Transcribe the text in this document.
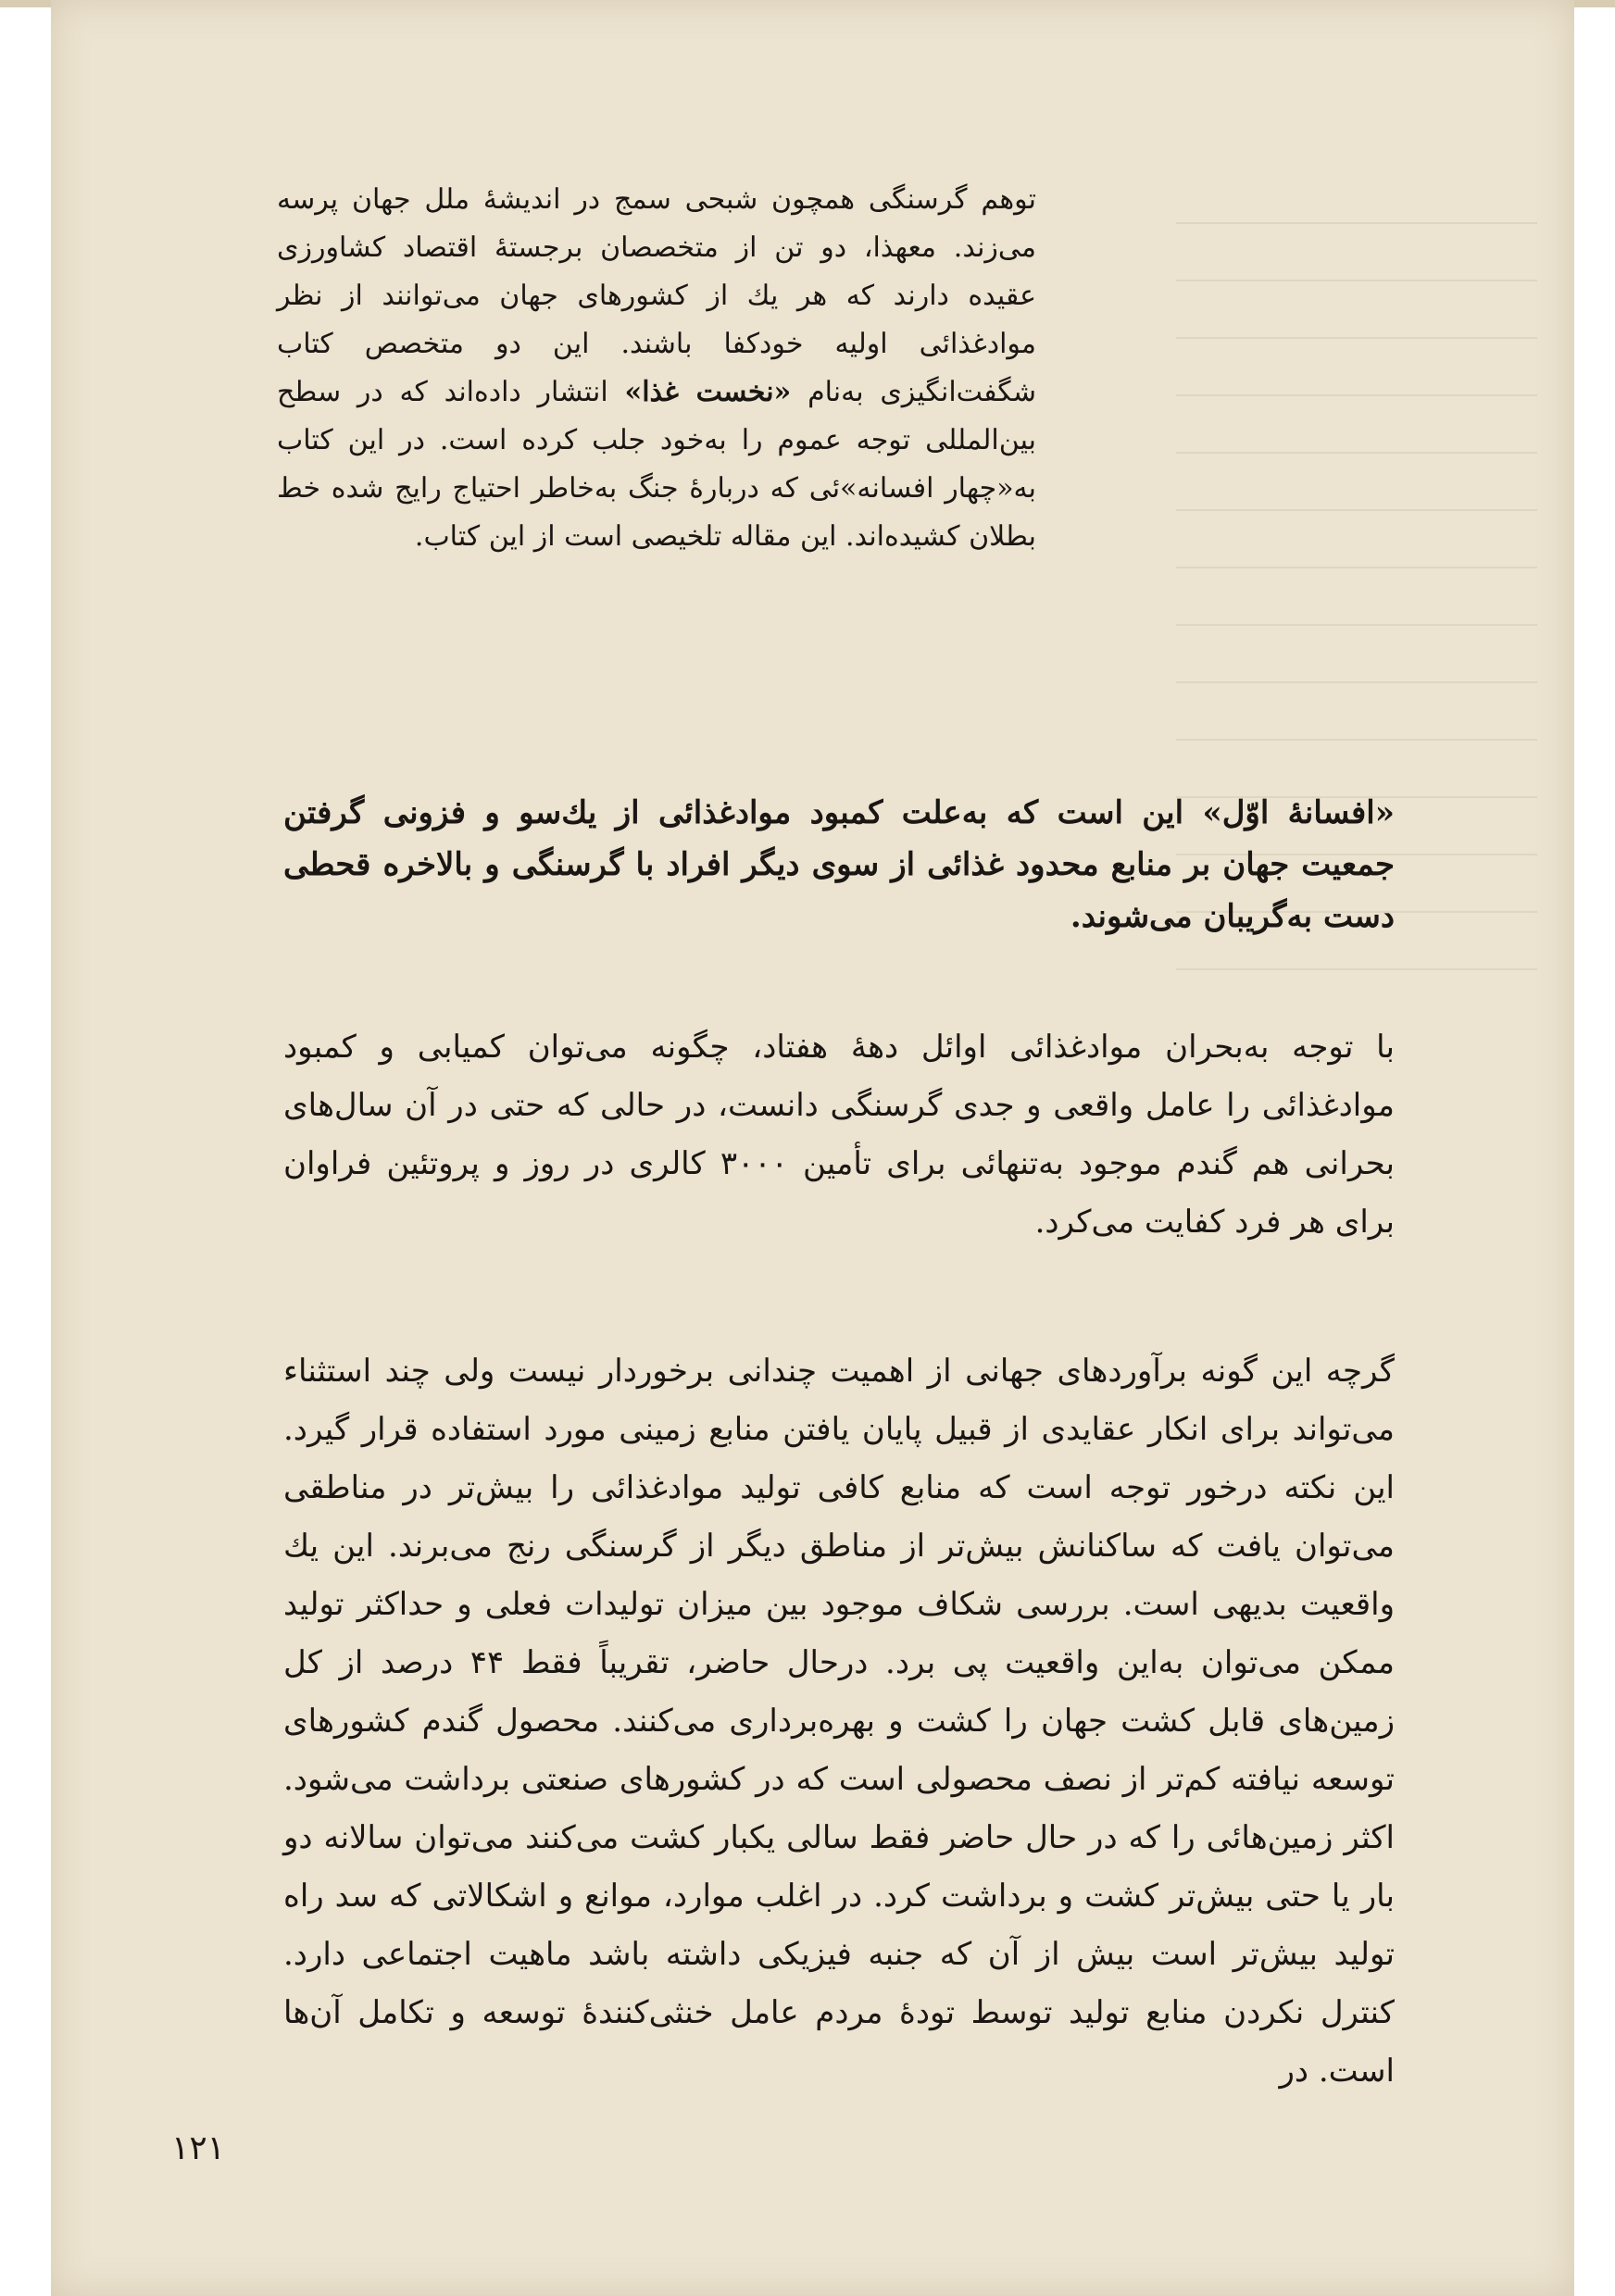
توهم گرسنگی همچون شبحی سمج در اندیشهٔ ملل جهان پرسه می‌زند. معهذا، دو تن از متخصصان برجستهٔ اقتصاد کشاورزی عقیده دارند که هر یك از کشورهای جهان می‌توانند از نظر موادغذائی اولیه خودکفا باشند. این دو متخصص کتاب شگفت‌انگیزی به‌نام «نخست غذا» انتشار داده‌اند که در سطح بین‌المللی توجه عموم را به‌خود جلب کرده است. در این کتاب به«چهار افسانه»ئی که دربارهٔ جنگ به‌خاطر احتیاج رایج شده خط بطلان کشیده‌اند. این مقاله تلخیصی است از این کتاب.

«افسانهٔ اوّل» این است که به‌علت کمبود موادغذائی از یك‌سو و فزونی گرفتن جمعیت جهان بر منابع محدود غذائی از سوی دیگر افراد با گرسنگی و بالاخره قحطی دست به‌گریبان می‌شوند.

با توجه به‌بحران موادغذائی اوائل دههٔ هفتاد، چگونه می‌توان کمیابی و کمبود موادغذائی را عامل واقعی و جدی گرسنگی دانست، در حالی که حتی در آن سال‌های بحرانی هم گندم موجود به‌تنهائی برای تأمین ۳۰۰۰ کالری در روز و پروتئین فراوان برای هر فرد کفایت می‌کرد.

گرچه این گونه برآوردهای جهانی از اهمیت چندانی برخوردار نیست ولی چند استثناء می‌تواند برای انکار عقایدی از قبیل پایان یافتن منابع زمینی مورد استفاده قرار گیرد. این نکته درخور توجه است که منابع کافی تولید موادغذائی را بیش‌تر در مناطقی می‌توان یافت که ساکنانش بیش‌تر از مناطق دیگر از گرسنگی رنج می‌برند. این یك واقعیت بدیهی است. بررسی شکاف موجود بین میزان تولیدات فعلی و حداکثر تولید ممکن می‌توان به‌این واقعیت پی برد. درحال حاضر، تقریباً فقط ۴۴ درصد از کل زمین‌های قابل کشت جهان را کشت و بهره‌برداری می‌کنند. محصول گندم کشورهای توسعه نیافته کم‌تر از نصف محصولی است که در کشورهای صنعتی برداشت می‌شود. اکثر زمین‌هائی را که در حال حاضر فقط سالی یکبار کشت می‌کنند می‌توان سالانه دو بار یا حتی بیش‌تر کشت و برداشت کرد. در اغلب موارد، موانع و اشکالاتی که سد راه تولید بیش‌تر است بیش از آن که جنبه فیزیکی داشته باشد ماهیت اجتماعی دارد. کنترل نکردن منابع تولید توسط تودهٔ مردم عامل خنثی‌کنندهٔ توسعه و تکامل آن‌ها است. در

۱۲۱
